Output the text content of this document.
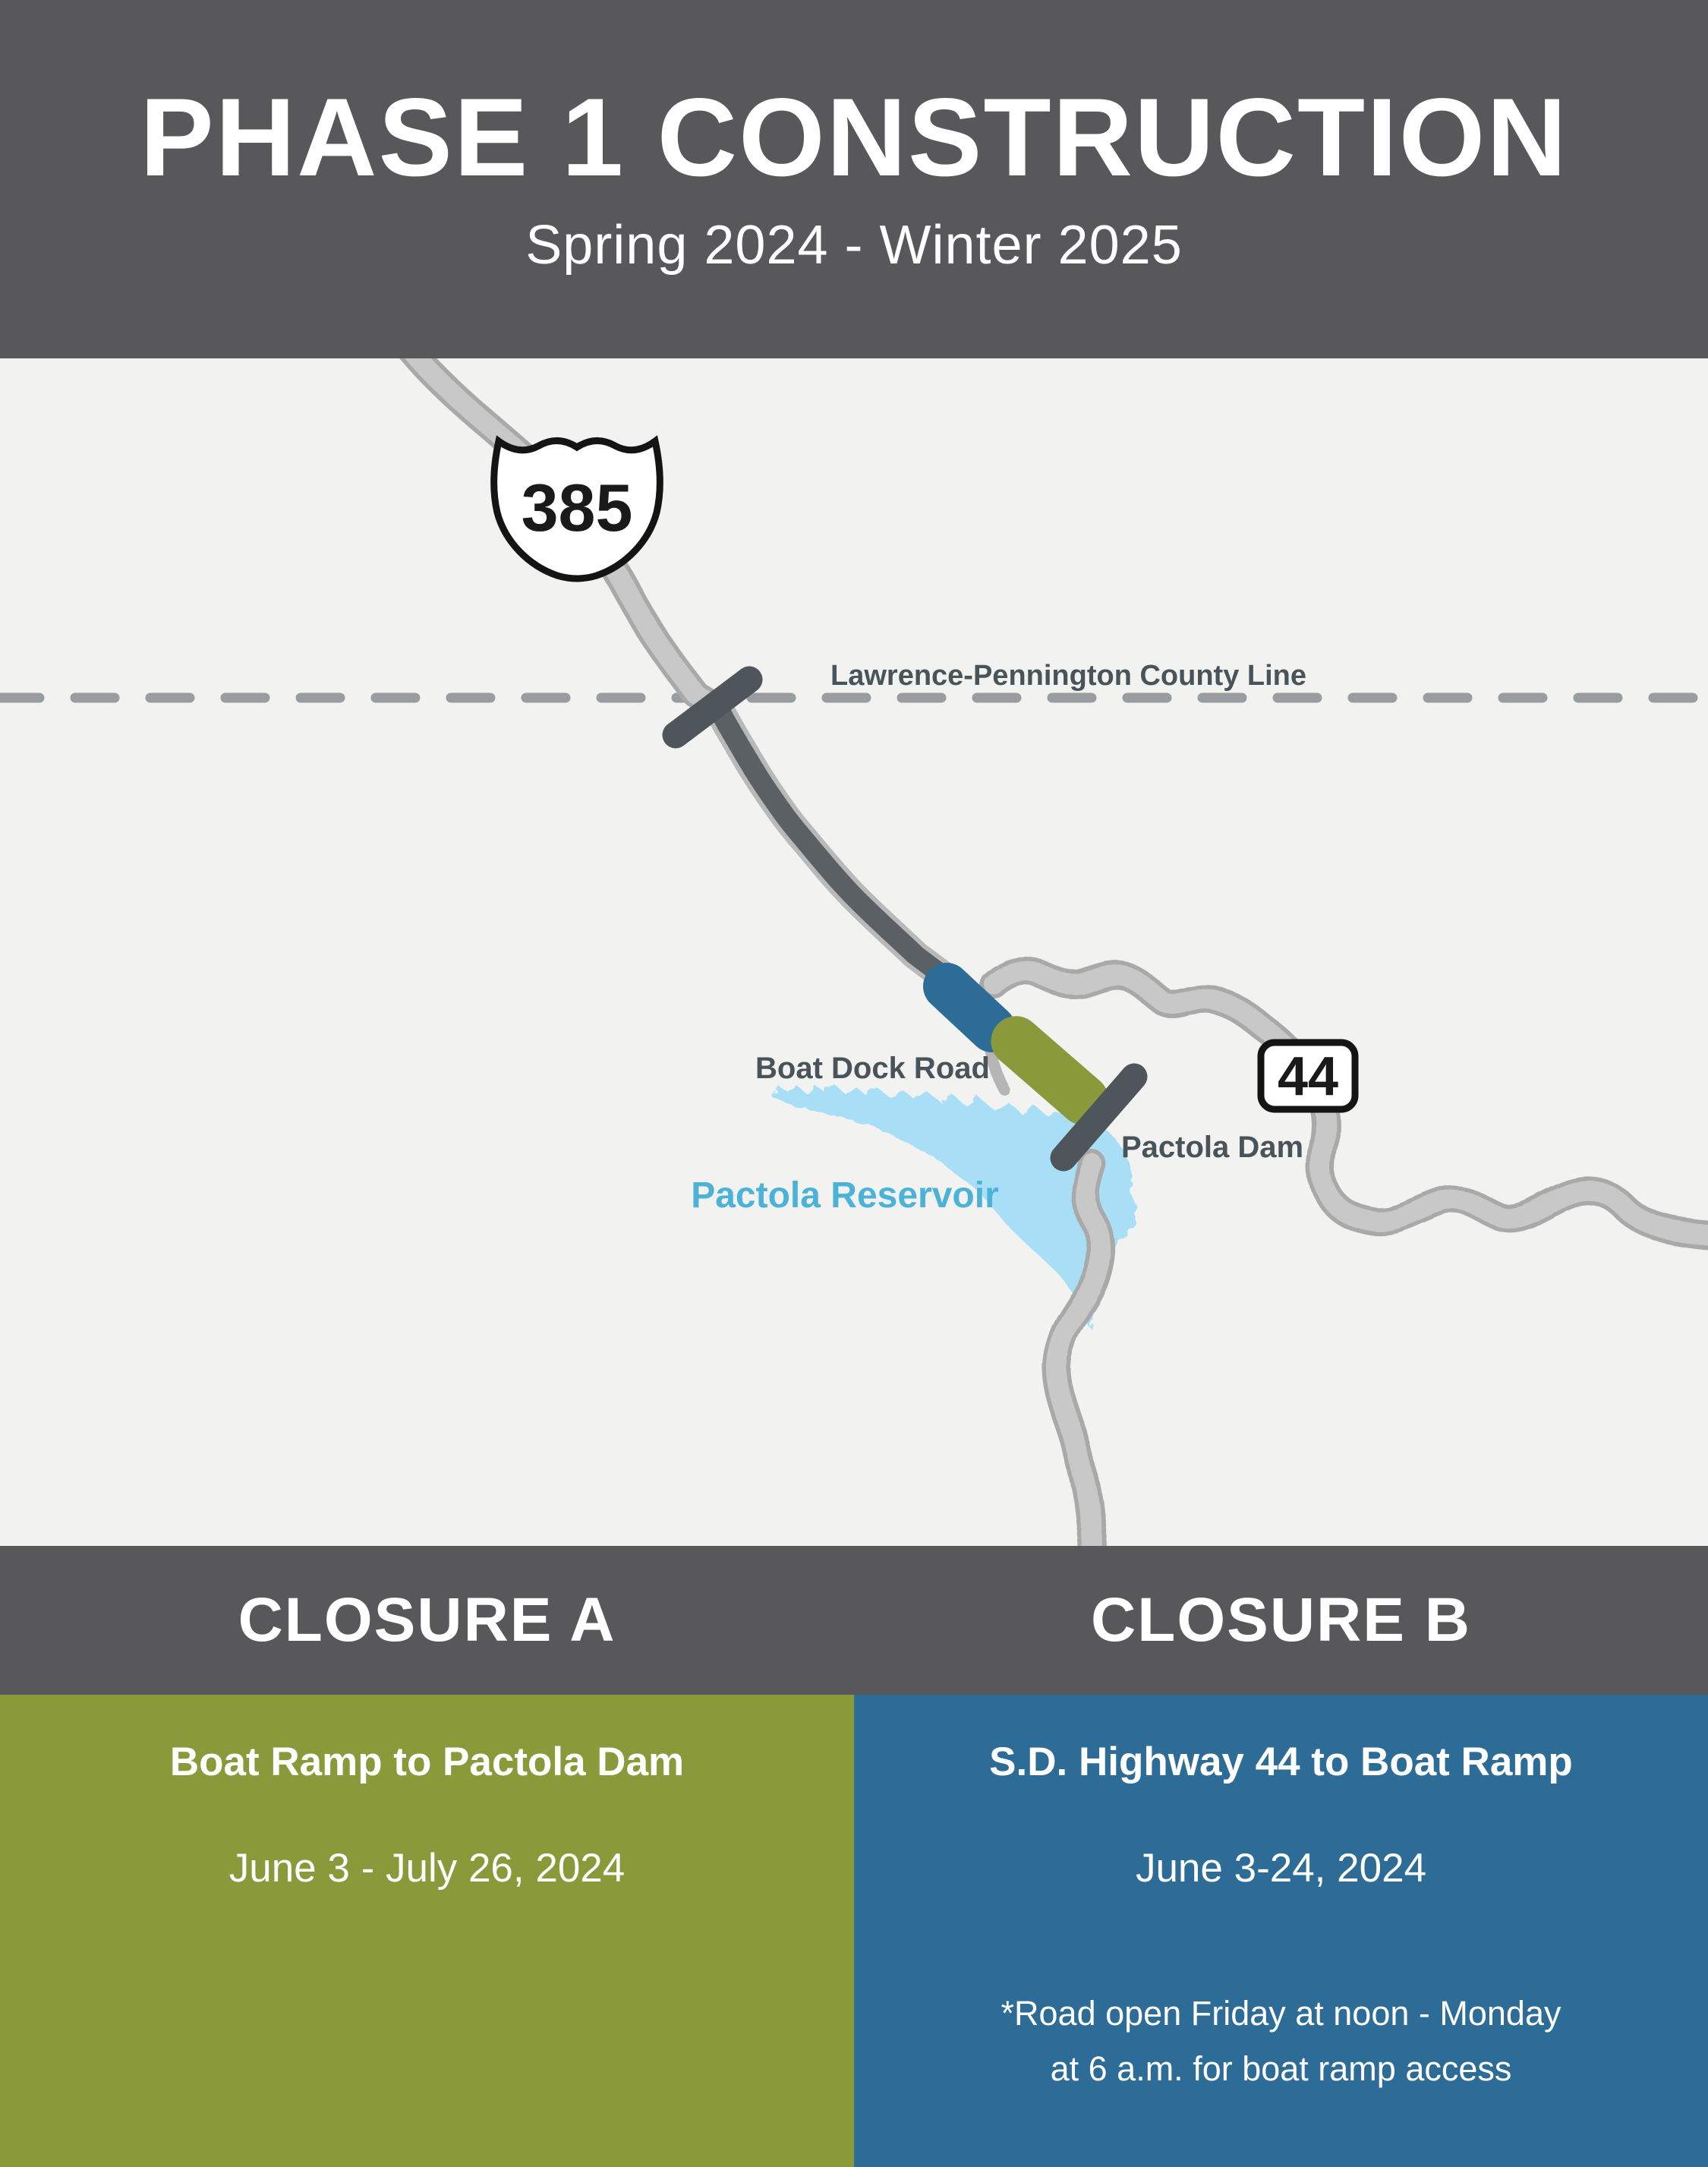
PHASE 1 CONSTRUCTION
Spring 2024 - Winter 2025
385
44
Lawrence-Pennington County Line
Boat Dock Road
Pactola Dam
Pactola Reservoir
CLOSURE A	CLOSURE B
Boat Ramp to Pactola Dam
June 3 - July 26, 2024
S.D. Highway 44 to Boat Ramp
June 3-24, 2024
*Road open Friday at noon - Monday
at 6 a.m. for boat ramp access
